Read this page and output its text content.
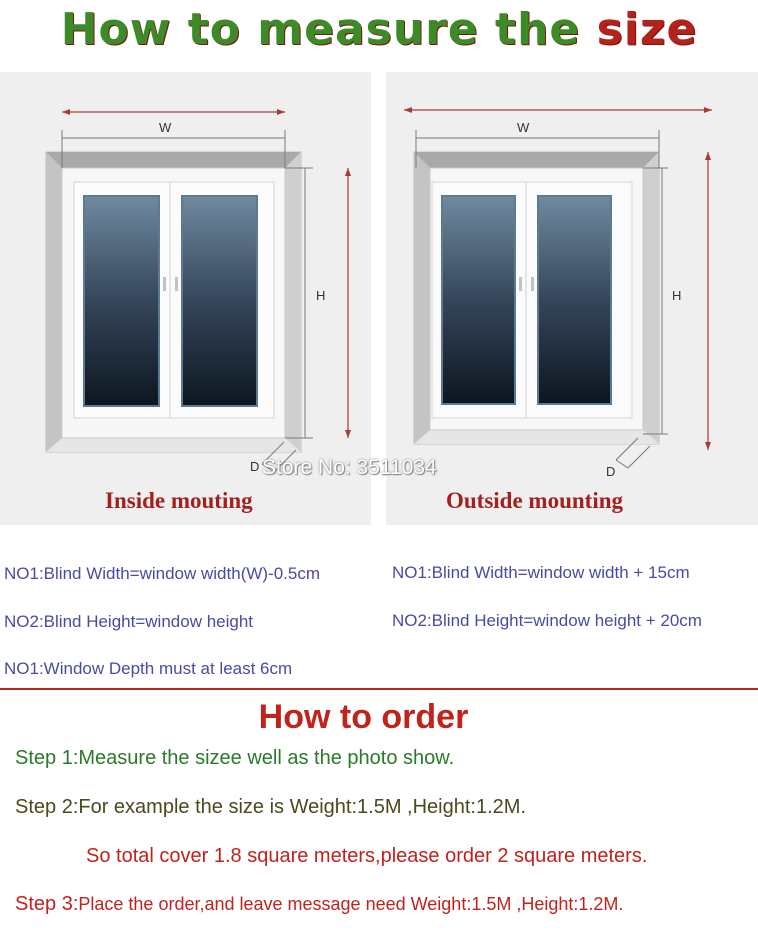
How to measure the size
W
H
D
W
H
D
Inside mouting	Outside mounting
Store No: 3511034
NO1:Blind Width=window width(W)-0.5cm
NO2:Blind Height=window height
NO1:Window Depth must at least 6cm
NO1:Blind Width=window width + 15cm
NO2:Blind Height=window height + 20cm
How to order
Step 1:Measure the sizee well as the photo show.
Step 2:For example the size is Weight:1.5M ,Height:1.2M.
So total cover 1.8 square meters,please order 2 square meters.
Step 3:Place the order,and leave message need Weight:1.5M ,Height:1.2M.
